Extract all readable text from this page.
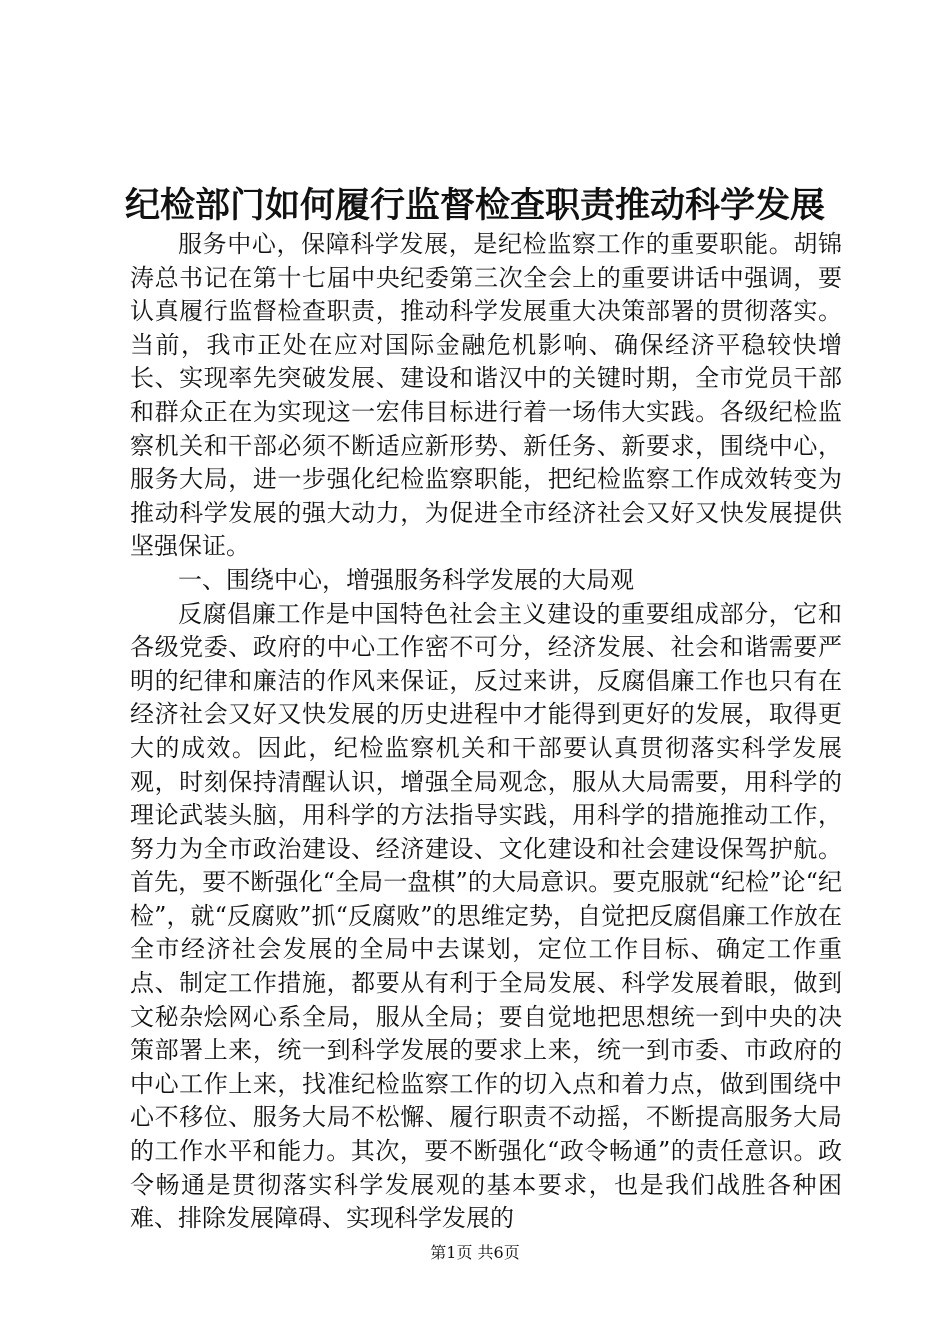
纪检部门如何履行监督检查职责推动科学发展

服务中心，保障科学发展，是纪检监察工作的重要职能。胡锦涛总书记在第十七届中央纪委第三次全会上的重要讲话中强调，要认真履行监督检查职责，推动科学发展重大决策部署的贯彻落实。当前，我市正处在应对国际金融危机影响、确保经济平稳较快增长、实现率先突破发展、建设和谐汉中的关键时期，全市党员干部和群众正在为实现这一宏伟目标进行着一场伟大实践。各级纪检监察机关和干部必须不断适应新形势、新任务、新要求，围绕中心，服务大局，进一步强化纪检监察职能，把纪检监察工作成效转变为推动科学发展的强大动力，为促进全市经济社会又好又快发展提供坚强保证。

一、围绕中心，增强服务科学发展的大局观

反腐倡廉工作是中国特色社会主义建设的重要组成部分，它和各级党委、政府的中心工作密不可分，经济发展、社会和谐需要严明的纪律和廉洁的作风来保证，反过来讲，反腐倡廉工作也只有在经济社会又好又快发展的历史进程中才能得到更好的发展，取得更大的成效。因此，纪检监察机关和干部要认真贯彻落实科学发展观，时刻保持清醒认识，增强全局观念，服从大局需要，用科学的理论武装头脑，用科学的方法指导实践，用科学的措施推动工作，努力为全市政治建设、经济建设、文化建设和社会建设保驾护航。首先，要不断强化“全局一盘棋”的大局意识。要克服就“纪检”论“纪检”，就“反腐败”抓“反腐败”的思维定势，自觉把反腐倡廉工作放在全市经济社会发展的全局中去谋划，定位工作目标、确定工作重点、制定工作措施，都要从有利于全局发展、科学发展着眼，做到文秘杂烩网心系全局，服从全局；要自觉地把思想统一到中央的决策部署上来，统一到科学发展的要求上来，统一到市委、市政府的中心工作上来，找准纪检监察工作的切入点和着力点，做到围绕中心不移位、服务大局不松懈、履行职责不动摇，不断提高服务大局的工作水平和能力。其次，要不断强化“政令畅通”的责任意识。政令畅通是贯彻落实科学发展观的基本要求，也是我们战胜各种困难、排除发展障碍、实现科学发展的

第1页 共6页
